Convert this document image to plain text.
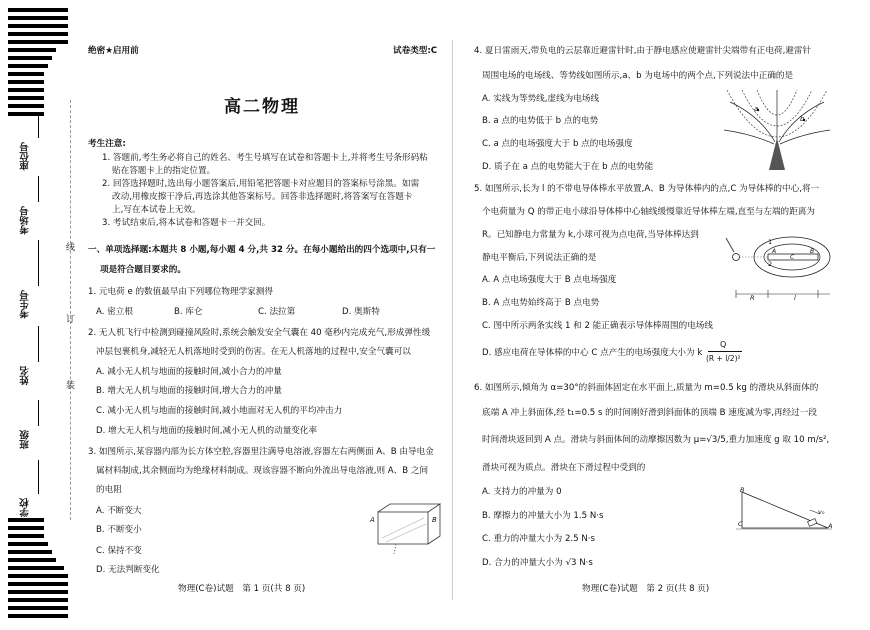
座位号
考场号
考生号
姓名
班级
学校
线
订
装
绝密★启用前	试卷类型:C
高二物理
考生注意:
1. 答题前,考生务必将自己的姓名、考生号填写在试卷和答题卡上,并将考生号条形码粘
贴在答题卡上的指定位置。
2. 回答选择题时,选出每小题答案后,用铅笔把答题卡对应题目的答案标号涂黑。如需
改动,用橡皮擦干净后,再选涂其他答案标号。回答非选择题时,将答案写在答题卡
上,写在本试卷上无效。
3. 考试结束后,将本试卷和答题卡一并交回。
一、单项选择题:本题共 8 小题,每小题 4 分,共 32 分。在每小题给出的四个选项中,只有一
项是符合题目要求的。
1. 元电荷 e 的数值最早由下列哪位物理学家测得
A. 密立根	B. 库仑	C. 法拉第	D. 奥斯特
2. 无人机飞行中检测到碰撞风险时,系统会触发安全气囊在 40 毫秒内完成充气,形成弹性缓
冲层包裹机身,减轻无人机落地时受到的伤害。在无人机落地的过程中,安全气囊可以
A. 减小无人机与地面的接触时间,减小合力的冲量
B. 增大无人机与地面的接触时间,增大合力的冲量
C. 减小无人机与地面的接触时间,减小地面对无人机的平均冲击力
D. 增大无人机与地面的接触时间,减小无人机的动量变化率
3. 如图所示,某容器内部为长方体空腔,容器里注满导电溶液,容器左右两侧面 A、B 由导电金
属材料制成,其余侧面均为绝缘材料制成。现该容器不断向外流出导电溶液,则 A、B 之间
的电阻
A. 不断变大
B. 不断变小
C. 保持不变
D. 无法判断变化
A	B
物理(C卷)试题　第 1 页(共 8 页)
4. 夏日雷雨天,带负电的云层靠近避雷针时,由于静电感应使避雷针尖端带有正电荷,避雷针
周围电场的电场线、等势线如图所示,a、b 为电场中的两个点,下列说法中正确的是
A. 实线为等势线,虚线为电场线
B. a 点的电势低于 b 点的电势
C. a 点的电场强度大于 b 点的电场强度
D. 质子在 a 点的电势能大于在 b 点的电势能
a
b
5. 如图所示,长为 l 的不带电导体棒水平放置,A、B 为导体棒内的点,C 为导体棒的中心,将一
个电荷量为 Q 的带正电小球沿导体棒中心轴线缓慢靠近导体棒左端,直至与左端的距离为
R。已知静电力常量为 k,小球可视为点电荷,当导体棒达到
静电平衡后,下列说法正确的是
A. A 点电场强度大于 B 点电场强度
B. A 点电势始终高于 B 点电势
C. 图中所示两条实线 1 和 2 能正确表示导体棒周围的电场线
D. 感应电荷在导体棒的中心 C 点产生的电场强度大小为 k
Q
(R + l/2)²
1
2
A
C
B
R	l
6. 如图所示,倾角为 α=30°的斜面体固定在水平面上,质量为 m=0.5 kg 的滑块从斜面体的
底端 A 冲上斜面体,经 t₁=0.5 s 的时间刚好滑到斜面体的顶端 B 速度减为零,再经过一段
时间滑块返回到 A 点。滑块与斜面体间的动摩擦因数为 μ=√3/5,重力加速度 g 取 10 m/s²,
滑块可视为质点。滑块在下滑过程中受到的
A. 支持力的冲量为 0
B. 摩擦力的冲量大小为 1.5 N·s
C. 重力的冲量大小为 2.5 N·s
D. 合力的冲量大小为 √3 N·s
B
C
v₀
A
物理(C卷)试题　第 2 页(共 8 页)
